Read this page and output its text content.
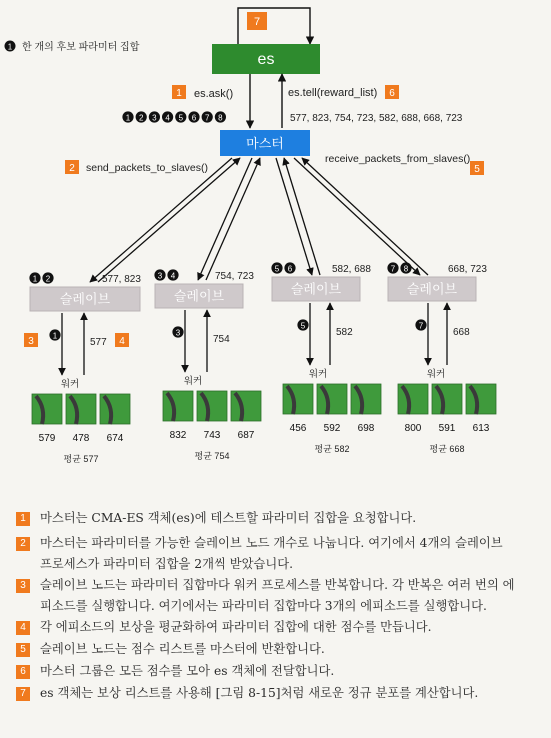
1 한 개의 후보 파라미터 집합
7
es
1 es.ask()	es.tell(reward_list) 6
577, 823, 754, 723, 582, 688, 668, 723
1 2 3 4 5 6 7 8
마스터
2 send_packets_to_slaves()
receive_packets_from_slaves()
5
3	4
1 2	577, 823
슬레이브
1
577
워커
579 478 674
평균 577
3 4	754, 723
슬레이브
3
754
워커
832 743 687
평균 754
5 6	582, 688
슬레이브
5
582
워커
456 592 698
평균 582
7 8	668, 723
슬레이브
7
668
워커
800 591 613
평균 668
1 마스터는 CMA-ES 객체(es)에 테스트할 파라미터 집합을 요청합니다.
2 마스터는 파라미터를 가능한 슬레이브 노드 개수로 나눕니다. 여기에서 4개의 슬레이브
프로세스가 파라미터 집합을 2개씩 받았습니다.
3 슬레이브 노드는 파라미터 집합마다 워커 프로세스를 반복합니다. 각 반복은 여러 번의 에
피소드를 실행합니다. 여기에서는 파라미터 집합마다 3개의 에피소드를 실행합니다.
4 각 에피소드의 보상을 평균화하여 파라미터 집합에 대한 점수를 만듭니다.
5 슬레이브 노드는 점수 리스트를 마스터에 반환합니다.
6 마스터 그룹은 모든 점수를 모아 es 객체에 전달합니다.
7 es 객체는 보상 리스트를 사용해 [그림 8-15]처럼 새로운 정규 분포를 계산합니다.
